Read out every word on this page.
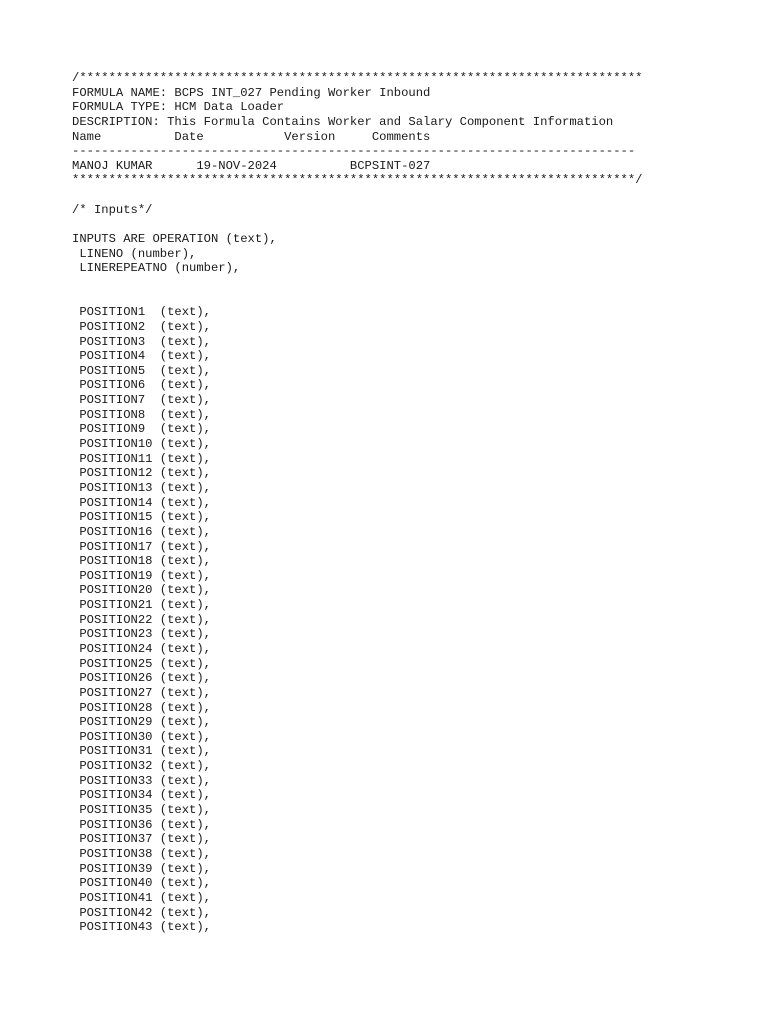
/*****************************************************************************
FORMULA NAME: BCPS INT_027 Pending Worker Inbound
FORMULA TYPE: HCM Data Loader
DESCRIPTION: This Formula Contains Worker and Salary Component Information
Name          Date           Version     Comments
-----------------------------------------------------------------------------
MANOJ KUMAR      19-NOV-2024          BCPSINT-027
*****************************************************************************/
/* Inputs*/
INPUTS ARE OPERATION (text),
LINENO (number),
LINEREPEATNO (number),
POSITION1  (text),
POSITION2  (text),
POSITION3  (text),
POSITION4  (text),
POSITION5  (text),
POSITION6  (text),
POSITION7  (text),
POSITION8  (text),
POSITION9  (text),
POSITION10 (text),
POSITION11 (text),
POSITION12 (text),
POSITION13 (text),
POSITION14 (text),
POSITION15 (text),
POSITION16 (text),
POSITION17 (text),
POSITION18 (text),
POSITION19 (text),
POSITION20 (text),
POSITION21 (text),
POSITION22 (text),
POSITION23 (text),
POSITION24 (text),
POSITION25 (text),
POSITION26 (text),
POSITION27 (text),
POSITION28 (text),
POSITION29 (text),
POSITION30 (text),
POSITION31 (text),
POSITION32 (text),
POSITION33 (text),
POSITION34 (text),
POSITION35 (text),
POSITION36 (text),
POSITION37 (text),
POSITION38 (text),
POSITION39 (text),
POSITION40 (text),
POSITION41 (text),
POSITION42 (text),
POSITION43 (text),
